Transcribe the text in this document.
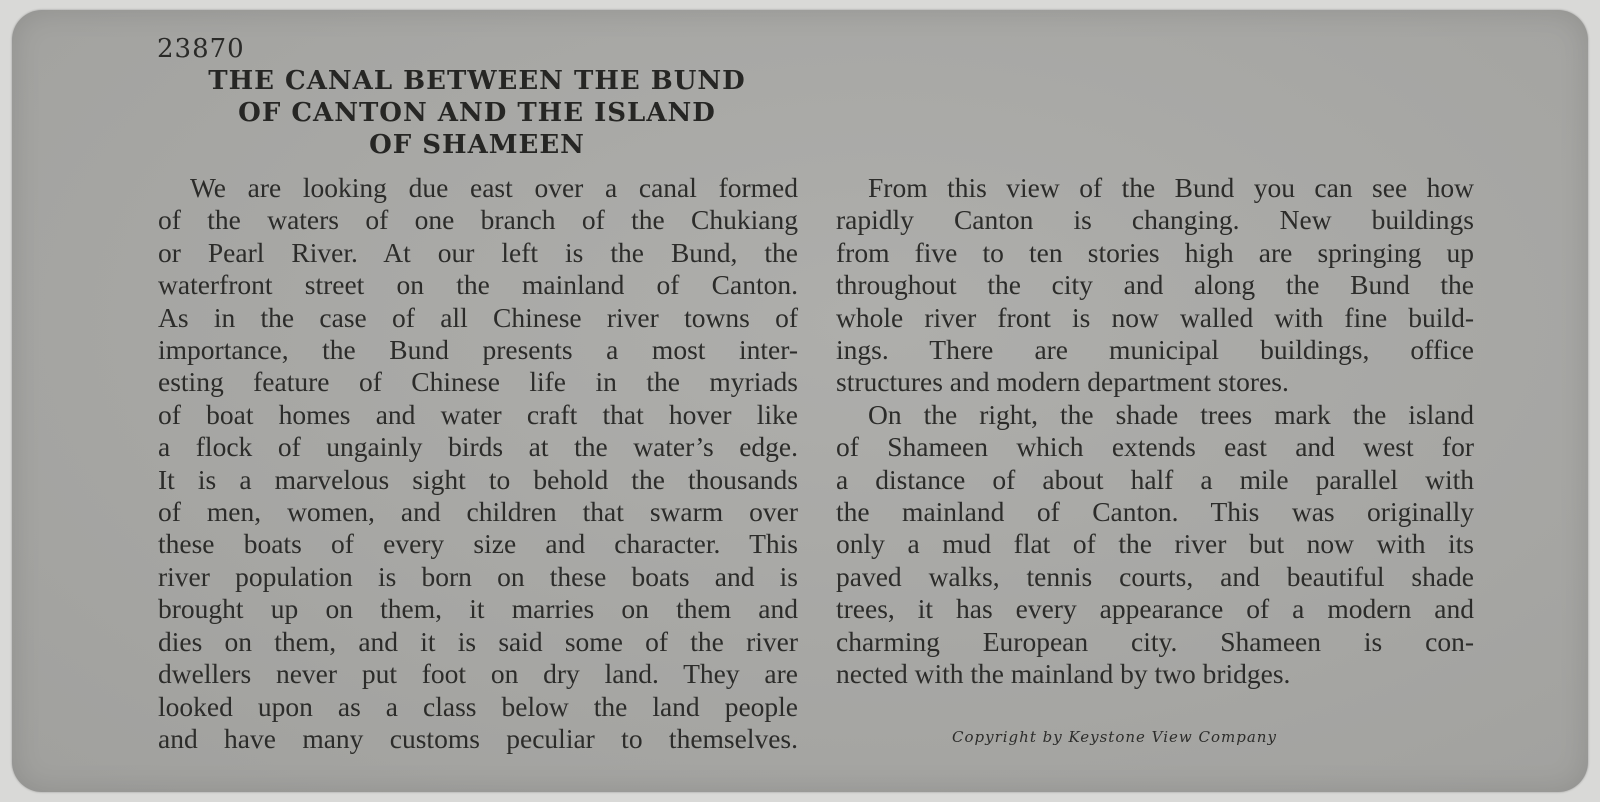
23870
THE CANAL BETWEEN THE BUND
OF CANTON AND THE ISLAND
OF SHAMEEN
We are looking due east over a canal formed
of the waters of one branch of the Chukiang
or Pearl River. At our left is the Bund, the
waterfront street on the mainland of Canton.
As in the case of all Chinese river towns of
importance, the Bund presents a most inter-
esting feature of Chinese life in the myriads
of boat homes and water craft that hover like
a flock of ungainly birds at the water’s edge.
It is a marvelous sight to behold the thousands
of men, women, and children that swarm over
these boats of every size and character. This
river population is born on these boats and is
brought up on them, it marries on them and
dies on them, and it is said some of the river
dwellers never put foot on dry land. They are
looked upon as a class below the land people
and have many customs peculiar to themselves.
From this view of the Bund you can see how
rapidly Canton is changing. New buildings
from five to ten stories high are springing up
throughout the city and along the Bund the
whole river front is now walled with fine build-
ings. There are municipal buildings, office
structures and modern department stores.
On the right, the shade trees mark the island
of Shameen which extends east and west for
a distance of about half a mile parallel with
the mainland of Canton. This was originally
only a mud flat of the river but now with its
paved walks, tennis courts, and beautiful shade
trees, it has every appearance of a modern and
charming European city. Shameen is con-
nected with the mainland by two bridges.
Copyright by Keystone View Company
